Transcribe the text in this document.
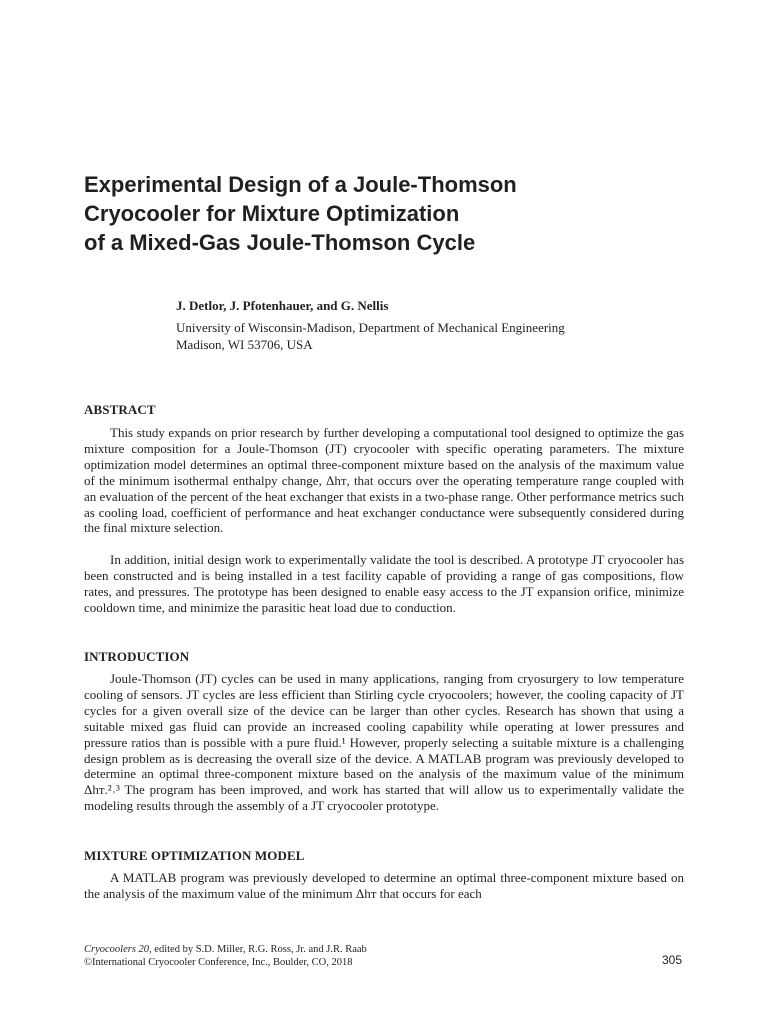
Experimental Design of a Joule-Thomson
Cryocooler for Mixture Optimization
of a Mixed-Gas Joule-Thomson Cycle
J. Detlor, J. Pfotenhauer, and G. Nellis
University of Wisconsin-Madison, Department of Mechanical Engineering
Madison, WI 53706, USA
ABSTRACT

This study expands on prior research by further developing a computational tool designed to optimize the gas mixture composition for a Joule-Thomson (JT) cryocooler with specific operating parameters. The mixture optimization model determines an optimal three-component mixture based on the analysis of the maximum value of the minimum isothermal enthalpy change, Δhᴛ, that occurs over the operating temperature range coupled with an evaluation of the percent of the heat exchanger that exists in a two-phase range. Other performance metrics such as cooling load, coefficient of performance and heat exchanger conductance were subsequently considered during the final mixture selection.

In addition, initial design work to experimentally validate the tool is described. A prototype JT cryocooler has been constructed and is being installed in a test facility capable of providing a range of gas compositions, flow rates, and pressures. The prototype has been designed to enable easy access to the JT expansion orifice, minimize cooldown time, and minimize the parasitic heat load due to conduction.

INTRODUCTION

Joule-Thomson (JT) cycles can be used in many applications, ranging from cryosurgery to low temperature cooling of sensors. JT cycles are less efficient than Stirling cycle cryocoolers; however, the cooling capacity of JT cycles for a given overall size of the device can be larger than other cycles. Research has shown that using a suitable mixed gas fluid can provide an increased cooling capability while operating at lower pressures and pressure ratios than is possible with a pure fluid.¹ However, properly selecting a suitable mixture is a challenging design problem as is decreasing the overall size of the device. A MATLAB program was previously developed to determine an optimal three-component mixture based on the analysis of the maximum value of the minimum Δhᴛ.²˒³ The program has been improved, and work has started that will allow us to experimentally validate the modeling results through the assembly of a JT cryocooler prototype.

MIXTURE OPTIMIZATION MODEL

A MATLAB program was previously developed to determine an optimal three-component mixture based on the analysis of the maximum value of the minimum Δhᴛ that occurs for each

Cryocoolers 20, edited by S.D. Miller, R.G. Ross, Jr. and J.R. Raab
©International Cryocooler Conference, Inc., Boulder, CO, 2018	305
